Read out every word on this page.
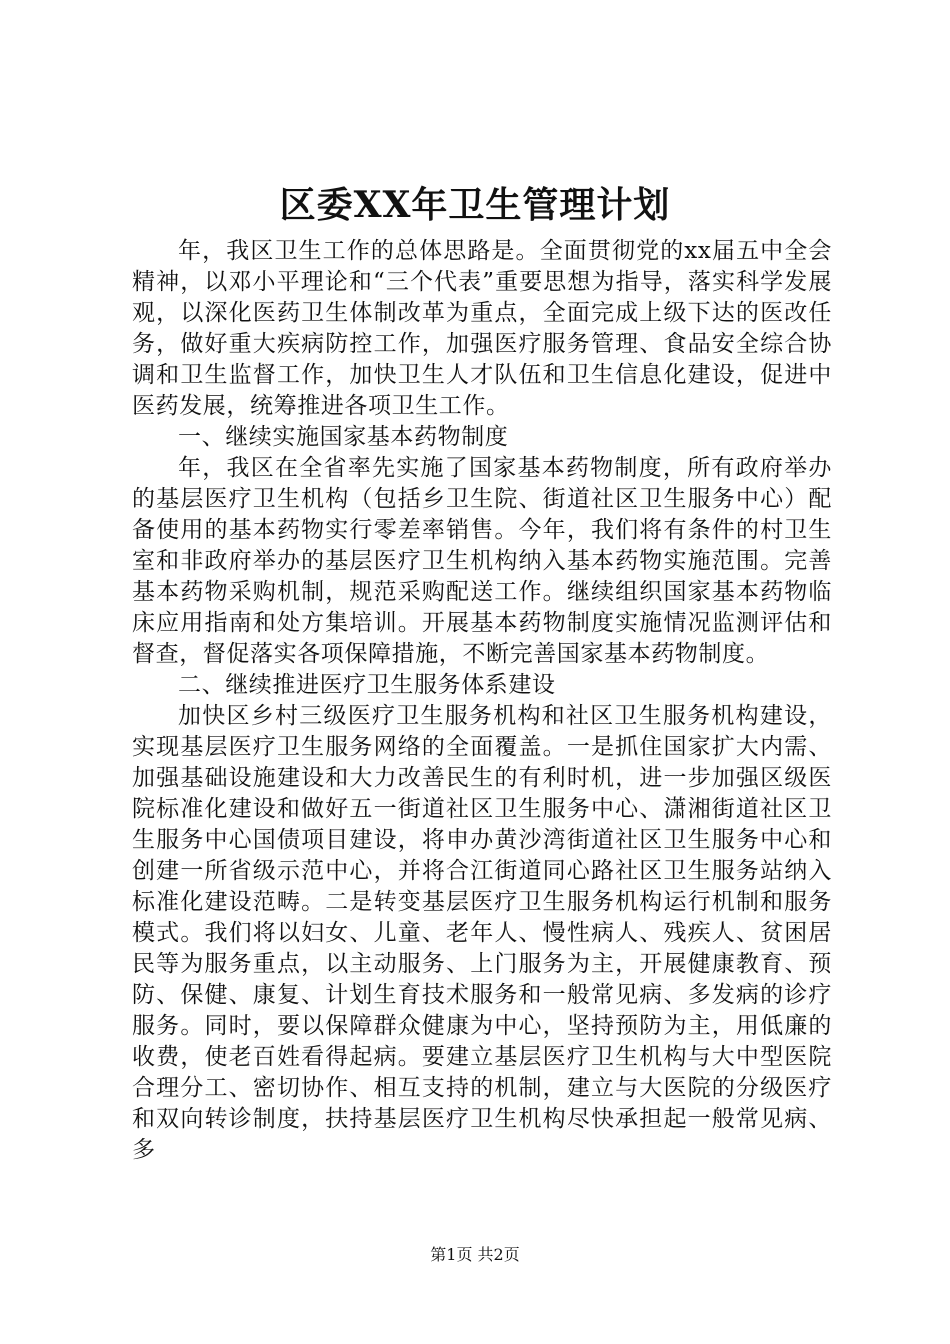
区委XX年卫生管理计划

年，我区卫生工作的总体思路是。全面贯彻党的xx届五中全会精神，以邓小平理论和“三个代表”重要思想为指导，落实科学发展观，以深化医药卫生体制改革为重点，全面完成上级下达的医改任务，做好重大疾病防控工作，加强医疗服务管理、食品安全综合协调和卫生监督工作，加快卫生人才队伍和卫生信息化建设，促进中医药发展，统筹推进各项卫生工作。

一、继续实施国家基本药物制度

年，我区在全省率先实施了国家基本药物制度，所有政府举办的基层医疗卫生机构（包括乡卫生院、街道社区卫生服务中心）配备使用的基本药物实行零差率销售。今年，我们将有条件的村卫生室和非政府举办的基层医疗卫生机构纳入基本药物实施范围。完善基本药物采购机制，规范采购配送工作。继续组织国家基本药物临床应用指南和处方集培训。开展基本药物制度实施情况监测评估和督查，督促落实各项保障措施，不断完善国家基本药物制度。

二、继续推进医疗卫生服务体系建设

加快区乡村三级医疗卫生服务机构和社区卫生服务机构建设，实现基层医疗卫生服务网络的全面覆盖。一是抓住国家扩大内需、加强基础设施建设和大力改善民生的有利时机，进一步加强区级医院标准化建设和做好五一街道社区卫生服务中心、潇湘街道社区卫生服务中心国债项目建设，将申办黄沙湾街道社区卫生服务中心和创建一所省级示范中心，并将合江街道同心路社区卫生服务站纳入标准化建设范畴。二是转变基层医疗卫生服务机构运行机制和服务模式。我们将以妇女、儿童、老年人、慢性病人、残疾人、贫困居民等为服务重点，以主动服务、上门服务为主，开展健康教育、预防、保健、康复、计划生育技术服务和一般常见病、多发病的诊疗服务。同时，要以保障群众健康为中心，坚持预防为主，用低廉的收费，使老百姓看得起病。要建立基层医疗卫生机构与大中型医院合理分工、密切协作、相互支持的机制，建立与大医院的分级医疗和双向转诊制度，扶持基层医疗卫生机构尽快承担起一般常见病、多

第1页 共2页
